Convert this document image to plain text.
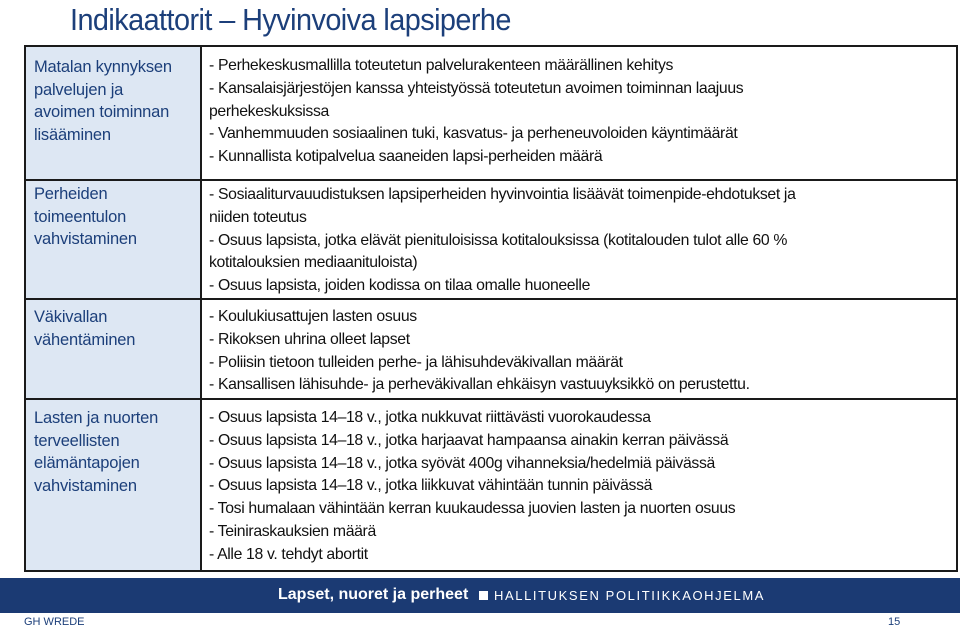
Indikaattorit – Hyvinvoiva lapsiperhe
Matalan kynnyksen
palvelujen ja
avoimen toiminnan
lisääminen
- Perhekeskusmallilla toteutetun palvelurakenteen määrällinen kehitys
- Kansalaisjärjestöjen kanssa yhteistyössä toteutetun avoimen toiminnan laajuus
perhekeskuksissa
- Vanhemmuuden sosiaalinen tuki, kasvatus- ja perheneuvoloiden käyntimäärät
- Kunnallista kotipalvelua saaneiden lapsi-perheiden määrä
Perheiden
toimeentulon
vahvistaminen
- Sosiaaliturvauudistuksen lapsiperheiden hyvinvointia lisäävät toimenpide-ehdotukset ja
niiden toteutus
- Osuus lapsista, jotka elävät pienituloisissa kotitalouksissa (kotitalouden tulot alle 60 %
kotitalouksien mediaanituloista)
- Osuus lapsista, joiden kodissa on tilaa omalle huoneelle
Väkivallan
vähentäminen
- Koulukiusattujen lasten osuus
- Rikoksen uhrina olleet lapset
- Poliisin tietoon tulleiden perhe- ja lähisuhdeväkivallan määrät
- Kansallisen lähisuhde- ja perheväkivallan ehkäisyn vastuuyksikkö on perustettu.
Lasten ja nuorten
terveellisten
elämäntapojen
vahvistaminen
- Osuus lapsista 14–18 v., jotka nukkuvat riittävästi vuorokaudessa
- Osuus lapsista 14–18 v., jotka harjaavat hampaansa ainakin kerran päivässä
- Osuus lapsista 14–18 v., jotka syövät 400g vihanneksia/hedelmiä päivässä
- Osuus lapsista 14–18 v., jotka liikkuvat vähintään tunnin päivässä
- Tosi humalaan vähintään kerran kuukaudessa juovien lasten ja nuorten osuus
- Teiniraskauksien määrä
- Alle 18 v. tehdyt abortit
Lapset, nuoret ja perheet HALLITUKSEN POLITIIKKAOHJELMA
GH WREDE	15
